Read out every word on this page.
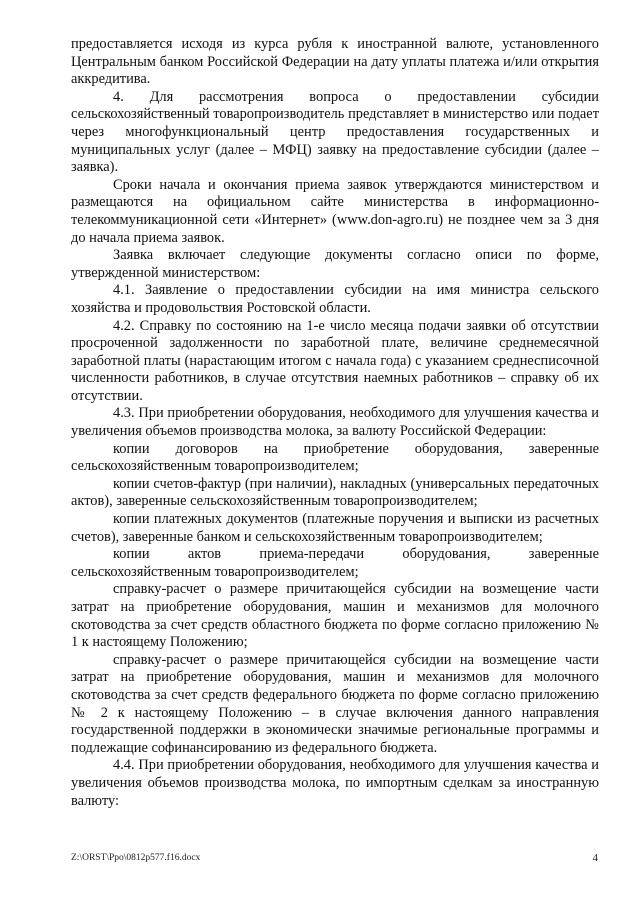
предоставляется исходя из курса рубля к иностранной валюте, установленного Центральным банком Российской Федерации на дату уплаты платежа и/или открытия аккредитива.

4. Для рассмотрения вопроса о предоставлении субсидии сельскохозяйственный товаропроизводитель представляет в министерство или подает через многофункциональный центр предоставления государственных и муниципальных услуг (далее – МФЦ) заявку на предоставление субсидии (далее – заявка).

Сроки начала и окончания приема заявок утверждаются министерством и размещаются на официальном сайте министерства в информационно-телекоммуникационной сети «Интернет» (www.don-agro.ru) не позднее чем за 3 дня до начала приема заявок.

Заявка включает следующие документы согласно описи по форме, утвержденной министерством:

4.1. Заявление о предоставлении субсидии на имя министра сельского хозяйства и продовольствия Ростовской области.

4.2. Справку по состоянию на 1-е число месяца подачи заявки об отсутствии просроченной задолженности по заработной плате, величине среднемесячной заработной платы (нарастающим итогом с начала года) с указанием среднесписочной численности работников, в случае отсутствия наемных работников – справку об их отсутствии.

4.3. При приобретении оборудования, необходимого для улучшения качества и увеличения объемов производства молока, за валюту Российской Федерации:

копии договоров на приобретение оборудования, заверенные сельскохозяйственным товаропроизводителем;

копии счетов-фактур (при наличии), накладных (универсальных передаточных актов), заверенные сельскохозяйственным товаропроизводителем;

копии платежных документов (платежные поручения и выписки из расчетных счетов), заверенные банком и сельскохозяйственным товаропроизводителем;

копии актов приема-передачи оборудования, заверенные сельскохозяйственным товаропроизводителем;

справку-расчет о размере причитающейся субсидии на возмещение части затрат на приобретение оборудования, машин и механизмов для молочного скотоводства за счет средств областного бюджета по форме согласно приложению № 1 к настоящему Положению;

справку-расчет о размере причитающейся субсидии на возмещение части затрат на приобретение оборудования, машин и механизмов для молочного скотоводства за счет средств федерального бюджета по форме согласно приложению № 2 к настоящему Положению – в случае включения данного направления государственной поддержки в экономически значимые региональные программы и подлежащие софинансированию из федерального бюджета.

4.4. При приобретении оборудования, необходимого для улучшения качества и увеличения объемов производства молока, по импортным сделкам за иностранную валюту:

Z:\ORST\Ppo\0812p577.f16.docx	4
